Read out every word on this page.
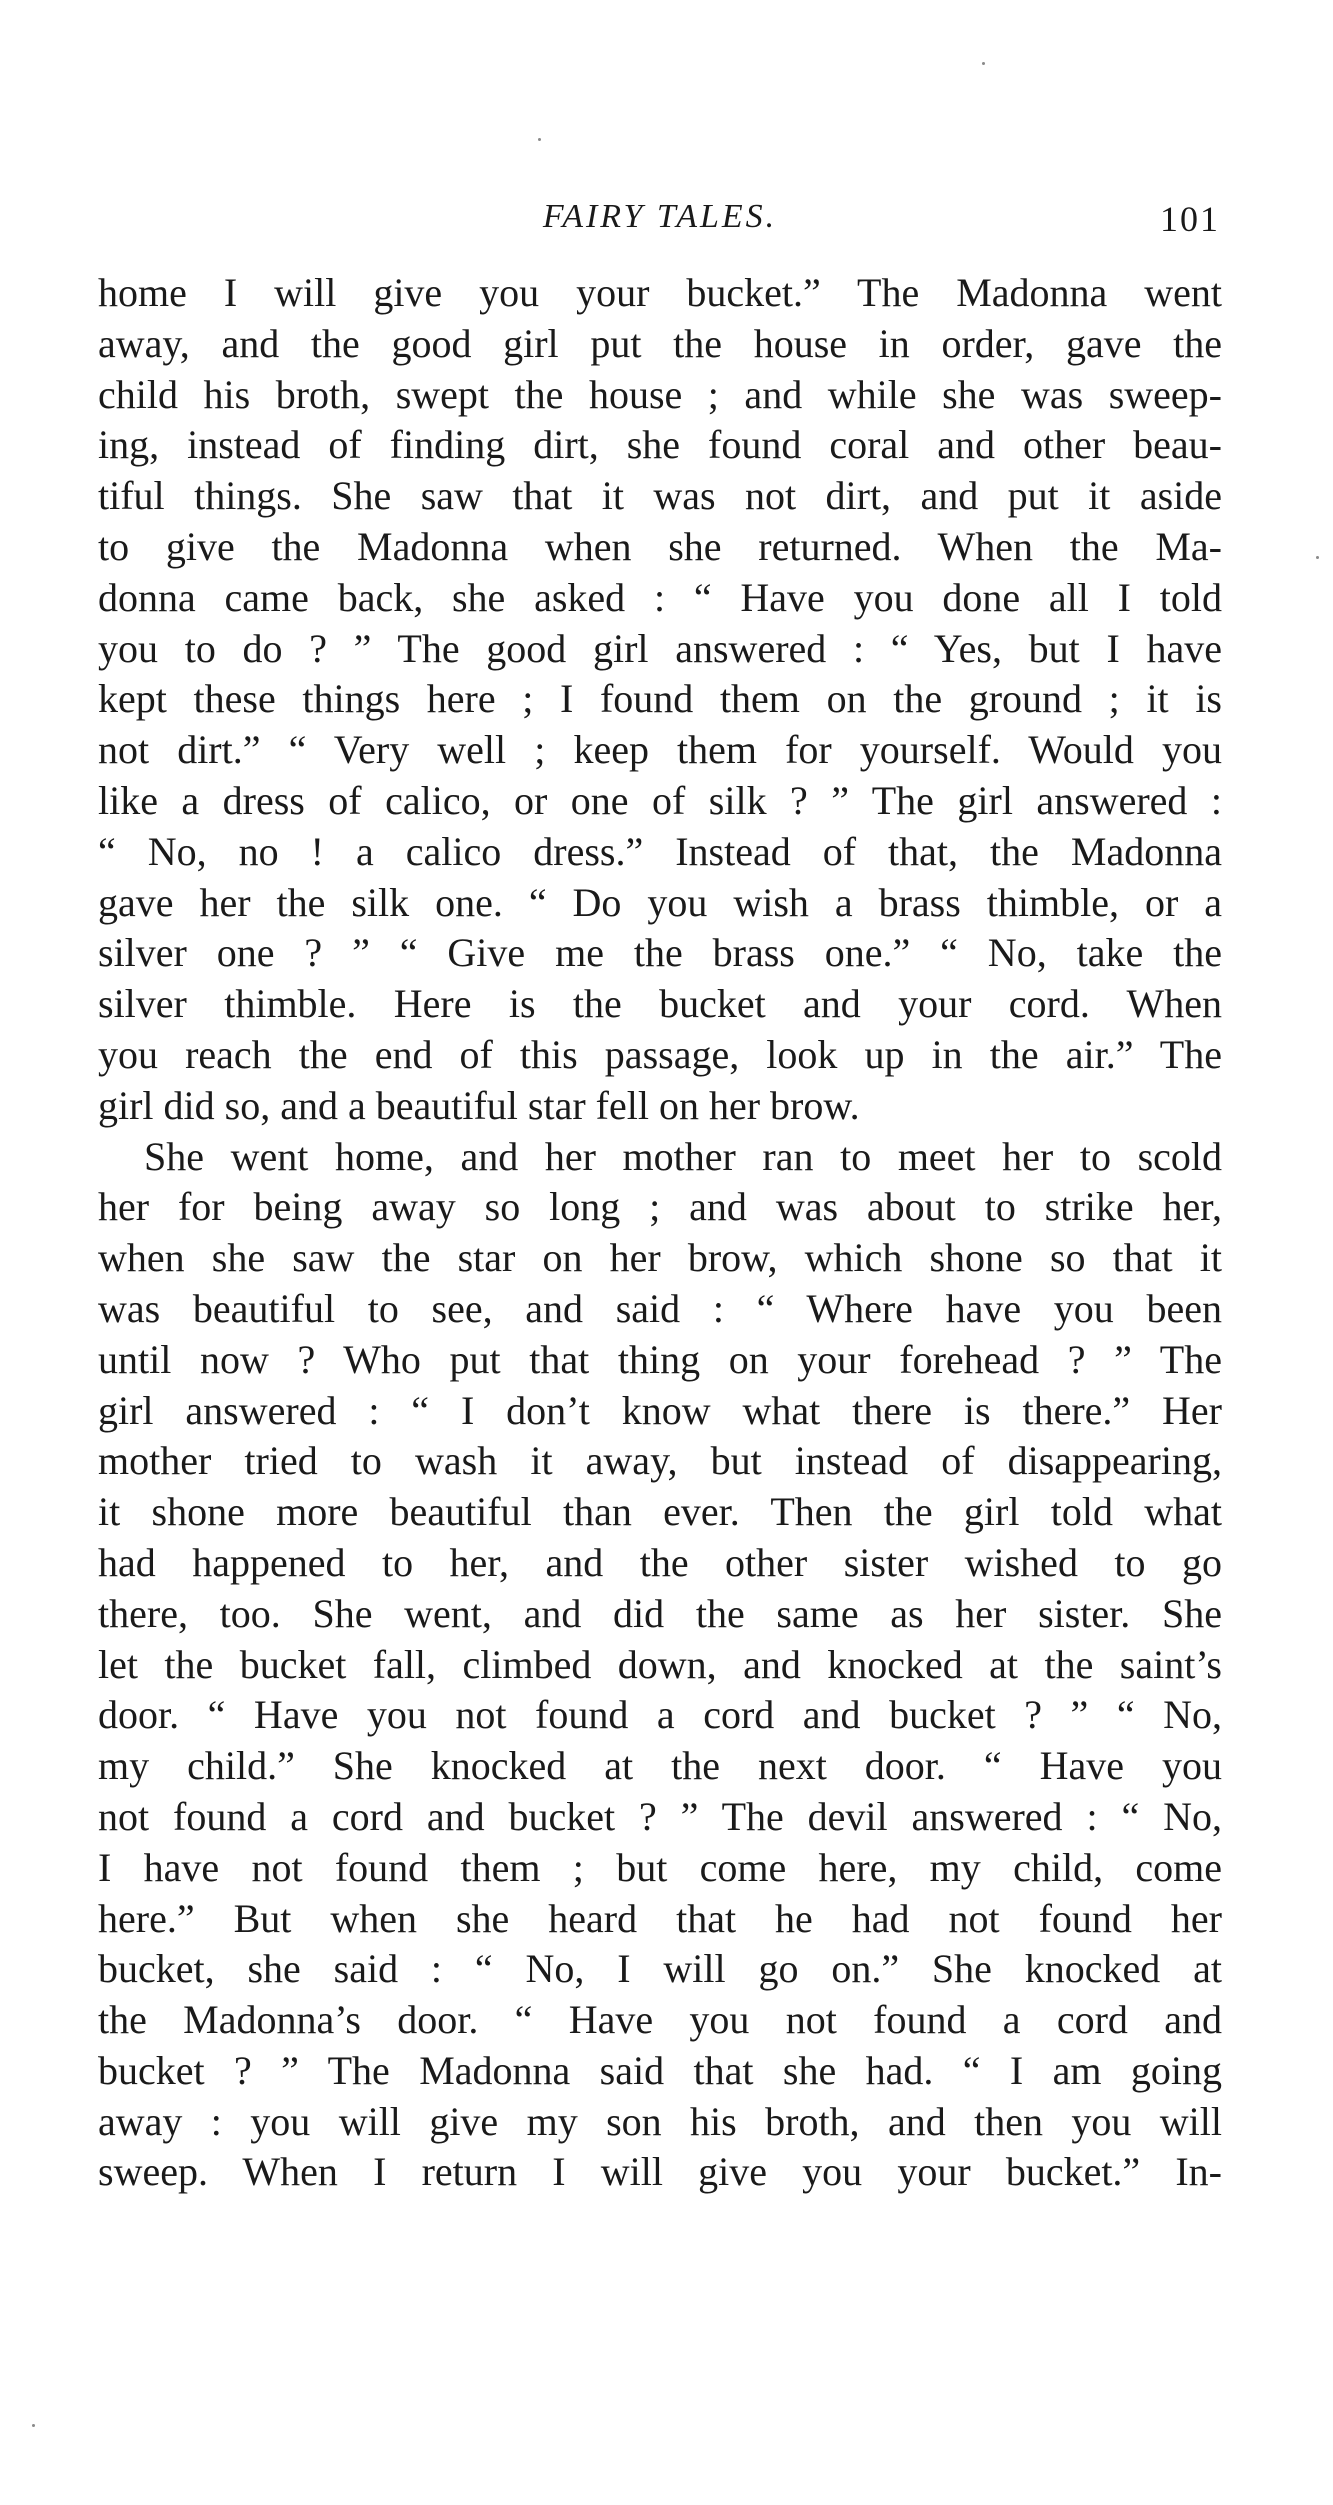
FAIRY TALES.	101
home I will give you your bucket.” The Madonna went
away, and the good girl put the house in order, gave the
child his broth, swept the house ; and while she was sweep-
ing, instead of finding dirt, she found coral and other beau-
tiful things. She saw that it was not dirt, and put it aside
to give the Madonna when she returned. When the Ma-
donna came back, she asked : “ Have you done all I told
you to do ? ” The good girl answered : “ Yes, but I have
kept these things here ; I found them on the ground ; it is
not dirt.” “ Very well ; keep them for yourself. Would you
like a dress of calico, or one of silk ? ” The girl answered :
“ No, no ! a calico dress.” Instead of that, the Madonna
gave her the silk one. “ Do you wish a brass thimble, or a
silver one ? ” “ Give me the brass one.” “ No, take the
silver thimble. Here is the bucket and your cord. When
you reach the end of this passage, look up in the air.” The
girl did so, and a beautiful star fell on her brow.
She went home, and her mother ran to meet her to scold
her for being away so long ; and was about to strike her,
when she saw the star on her brow, which shone so that it
was beautiful to see, and said : “ Where have you been
until now ? Who put that thing on your forehead ? ” The
girl answered : “ I don’t know what there is there.” Her
mother tried to wash it away, but instead of disappearing,
it shone more beautiful than ever. Then the girl told what
had happened to her, and the other sister wished to go
there, too. She went, and did the same as her sister. She
let the bucket fall, climbed down, and knocked at the saint’s
door. “ Have you not found a cord and bucket ? ” “ No,
my child.” She knocked at the next door. “ Have you
not found a cord and bucket ? ” The devil answered : “ No,
I have not found them ; but come here, my child, come
here.” But when she heard that he had not found her
bucket, she said : “ No, I will go on.” She knocked at
the Madonna’s door. “ Have you not found a cord and
bucket ? ” The Madonna said that she had. “ I am going
away : you will give my son his broth, and then you will
sweep. When I return I will give you your bucket.” In-
